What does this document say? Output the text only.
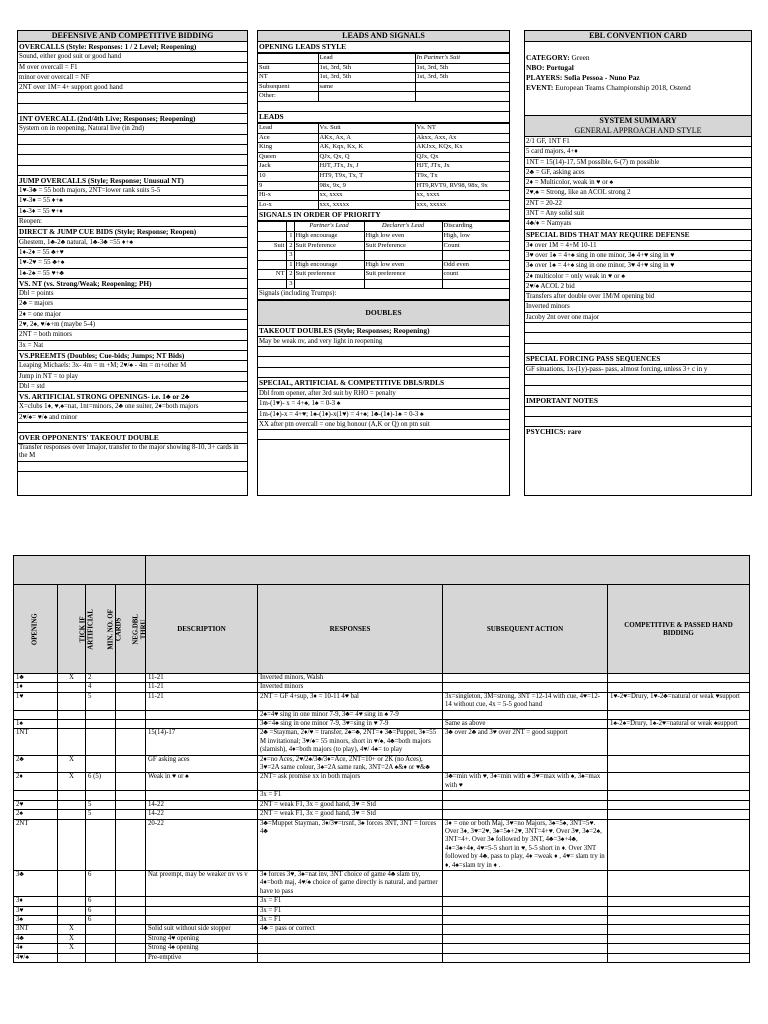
DEFENSIVE AND COMPETITIVE BIDDING
OVERCALLS (Style: Responses: 1 / 2 Level; Reopening)
Sound, either good suit or good hand
M over overcall = F1
minor over overcall = NF
2NT over 1M= 4+ support good hand
1NT OVERCALL (2nd/4th Live; Responses; Reopening)
System on in reopening, Natural live (in 2nd)
JUMP OVERCALLS (Style; Response; Unusual NT)
1♥-3♣ = 55 both majors, 2NT=lower rank suits 5-5
1♥-3♦ = 55 ♦+♠
1♠-3♦ = 55 ♥+♦
Reopen:
DIRECT & JUMP CUE BIDS (Style; Response; Reopen)
Ghestem, 1♣-2♣ natural, 1♣-3♣ =55 ♦+♠
1♦-2♦ = 55 ♣+♥
1♥-2♥ = 55 ♣+♠
1♠-2♠ = 55 ♥+♣
VS. NT (vs. Strong/Weak; Reopening; PH)
Dbl = points
2♣ = majors
2♦ = one major
2♥, 2♠, ♥/♠+m (maybe 5-4)
2NT = both minors
3x = Nat
VS.PREEMTS (Doubles; Cue-bids; Jumps; NT Bids)
Leaping Michaels: 3x- 4m = m +M; 2♥/♠ - 4m = m+other M
Jump in NT = to play
Dbl = std
VS. ARTIFICIAL STRONG OPENINGS- i.e. 1♣ or 2♣
X=clubs 1♦, ♥,♠=nat, 1nt=minors, 2♣ one suiter, 2♦=both majors
2♥/♠= ♥/♠ and minor
OVER OPPONENTS' TAKEOUT DOUBLE
Transfer responses over 1major, transfer to the major showing 8-10, 3+ cards in the M
LEADS AND SIGNALS
OPENING LEADS STYLE
	Lead	In Partner's Suit
Suit	1st, 3rd, 5th	1st, 3rd, 5th
NT	1st, 3rd, 5th	1st, 3rd, 5th
Subsequent	same	
Other:		
LEADS
Lead	Vs. Suit	Vs. NT
Ace	AKx, Ax, A	Akxx, Axx, Ax
King	AK, Kqx, Kx, K	AKJxx, KQx, Kx
Queen	QJx, Qx, Q	QJx, Qx
Jack	HJT, JTx, Jx, J	HJT, JTx, Jx
10	HT9, T9x, Tx, T	T9x, Tx
9	98x, 9x, 9	HT9,RVT9, RV98, 98x, 9x
Hi-x	xx, xxxx	xx, xxxx
Lo-x	xxx, xxxxx	xxx, xxxxx
SIGNALS IN ORDER OF PRIORITY
		Partner's Lead	Declarer's Lead	Discarding
	1	High encourage	High low even	High, low
Suit	2	Suit Preference	Suit Preference	Count
	3			
	1	High encourage	High low even	Odd even
NT	2	Suit preference	Suit preference	count
	3			
Signals (including Trumps):
DOUBLES
TAKEOUT DOUBLES (Style; Responses; Reopening)
May be weak nv, and very light in reopening
SPECIAL, ARTIFICIAL & COMPETITIVE DBLS/RDLS
Dbl from opener, after 3rd suit by RHO = penalty
1m-(1♥)- x = 4+♠, 1♠ = 0-3 ♠
1m-(1♦)-x = 4+♥; 1♠-(1♦)-x(1♥) = 4+♠; 1♣-(1♦)-1♠ = 0-3 ♠
XX after ptn overcall = one big honour (A,K or Q) on ptn suit
EBL CONVENTION CARD
CATEGORY: Green
NBO: Portugal
PLAYERS: Sofia Pessoa - Nuno Paz
EVENT: European Teams Championship 2018, Ostend
SYSTEM SUMMARY
GENERAL APPROACH AND STYLE
2/1 GF, 1NT F1
5 card majors, 4+♦
1NT = 15(14)-17, 5M possible, 6-(7) m possible
2♣ = GF, asking aces
2♦ = Multicolor, weak in ♥ or ♠
2♥,♠ = Strong, like an ACOL strong 2
2NT = 20-22
3NT = Any solid suit
4♣/♦ = Namyats
SPECIAL BIDS THAT MAY REQUIRE DEFENSE
3♦ over 1M = 4+M 10-11
3♥ over 1♠ = 4+♠ sing in one minor, 3♠ 4+♥ sing in ♥
3♠ over 1♠ = 4+♠ sing in one minor, 3♥ 4+♥ sing in ♥
2♦ multicolor = only weak in ♥ or ♠
2♥/♠ ACOL 2 bid
Transfers after double over 1M/M opening bid
Inverted minors
Jacoby 2nt over one major
SPECIAL FORCING PASS SEQUENCES
GF situations, 1x-(1y)-pass- pass, almost forcing, unless 3+ c in y
IMPORTANT NOTES
PSYCHICS: rare

OPENING	TICK IF ARTIFICIAL	MIN. NO. OF CARDS	NEG.DBL THRU	DESCRIPTION	RESPONSES	SUBSEQUENT ACTION	COMPETITIVE & PASSED HAND BIDDING
1♣	X	2		11-21	Inverted minors, Walsh		
1♦		4		11-21	Inverted minors		
1♥		5		11-21	2NT = GF 4+sup, 3♦ = 10-11 4♥ bal	3x=singleton, 3M=strong, 3NT =12-14 with cue, 4♥=12-14 without cue, 4x = 5-5 good hand	1♥-2♥=Drury, 1♥-2♣=natural or weak ♥support
					2♠=4♥ sing in one minor 7-9, 3♣= 4♥ sing in ♠ 7-9		
1♠					3♣=4♠ sing in one minor 7-9, 3♥=sing in ♥ 7-9	Same as above	1♠-2♠=Drury, 1♠-2♥=natural or weak ♠support
1NT				15(14)-17	2♣ =Stayman, 2♦/♥ = transfer, 2♠=♣, 2NT=♦ 3♣=Puppet, 3♦=55 M invitational; 3♥/♠= 55 minors, short in ♥/♠, 4♣=both majors (slamish), 4♦=both majors (to play), 4♥/ 4♠= to play	3♣ over 2♣ and 3♥ over 2NT = good support	
2♣	X			GF asking aces	2♦=no Aces, 2♥/2♠/3♣/3♦=Ace, 2NT=10+ or 2K (no Aces), 3♥=2A same colour, 3♠=2A same rank, 3NT=2A ♠&♦ or ♥&♣		
2♦	X	6 (5)		Weak in ♥ or ♠	2NT= ask promise xx in both majors	3♣=min with ♥, 3♦=min with ♠ 3♥=max with ♠, 3♠=max with ♥	
					3x = F1		
2♥		5		14-22	2NT = weak F1, 3x = good hand, 3♥ = Std		
2♠		5		14-22	2NT = weak F1, 3x = good hand, 3♥ = Std		
2NT				20-22	3♣=Muppet Stayman, 3♦/3♥=trsnf, 3♠ forces 3NT, 3NT = forces 4♣	3♦ = one or both Maj, 3♥=no Majors, 3♠=5♠, 3NT=5♥. Over 3♦, 3♥=2♥, 3♠=5♠+2♥, 3NT=4+♥. Over 3♥, 3♠=2♠, 3NT=4+. Over 3♠ followed by 3NT, 4♣=3♠+4♣, 4♦=3♠+4♦, 4♥=5-5 short in ♥, 5-5 short in ♦. Over 3NT followed by 4♣, pass to play, 4♦ =weak ♦ , 4♥= slam try in ♦, 4♠=slam try in ♦ .	
3♣		6		Nat preempt, may be weaker nv vs v	3♦ forces 3♥, 3♠=nat inv, 3NT choice of game 4♣ slam try, 4♦=both maj, 4♥/♠ choice of game directly is natural, and partner have to pass		
3♦		6			3x = F1		
3♥		6			3x = F1		
3♠		6			3x = F1		
3NT	X			Solid suit without side stopper	4♣ = pass or correct		
4♣	X			Strong 4♥ opening			
4♦	X			Strong 4♠ opening			
4♥/♠				Pre-emptive			
